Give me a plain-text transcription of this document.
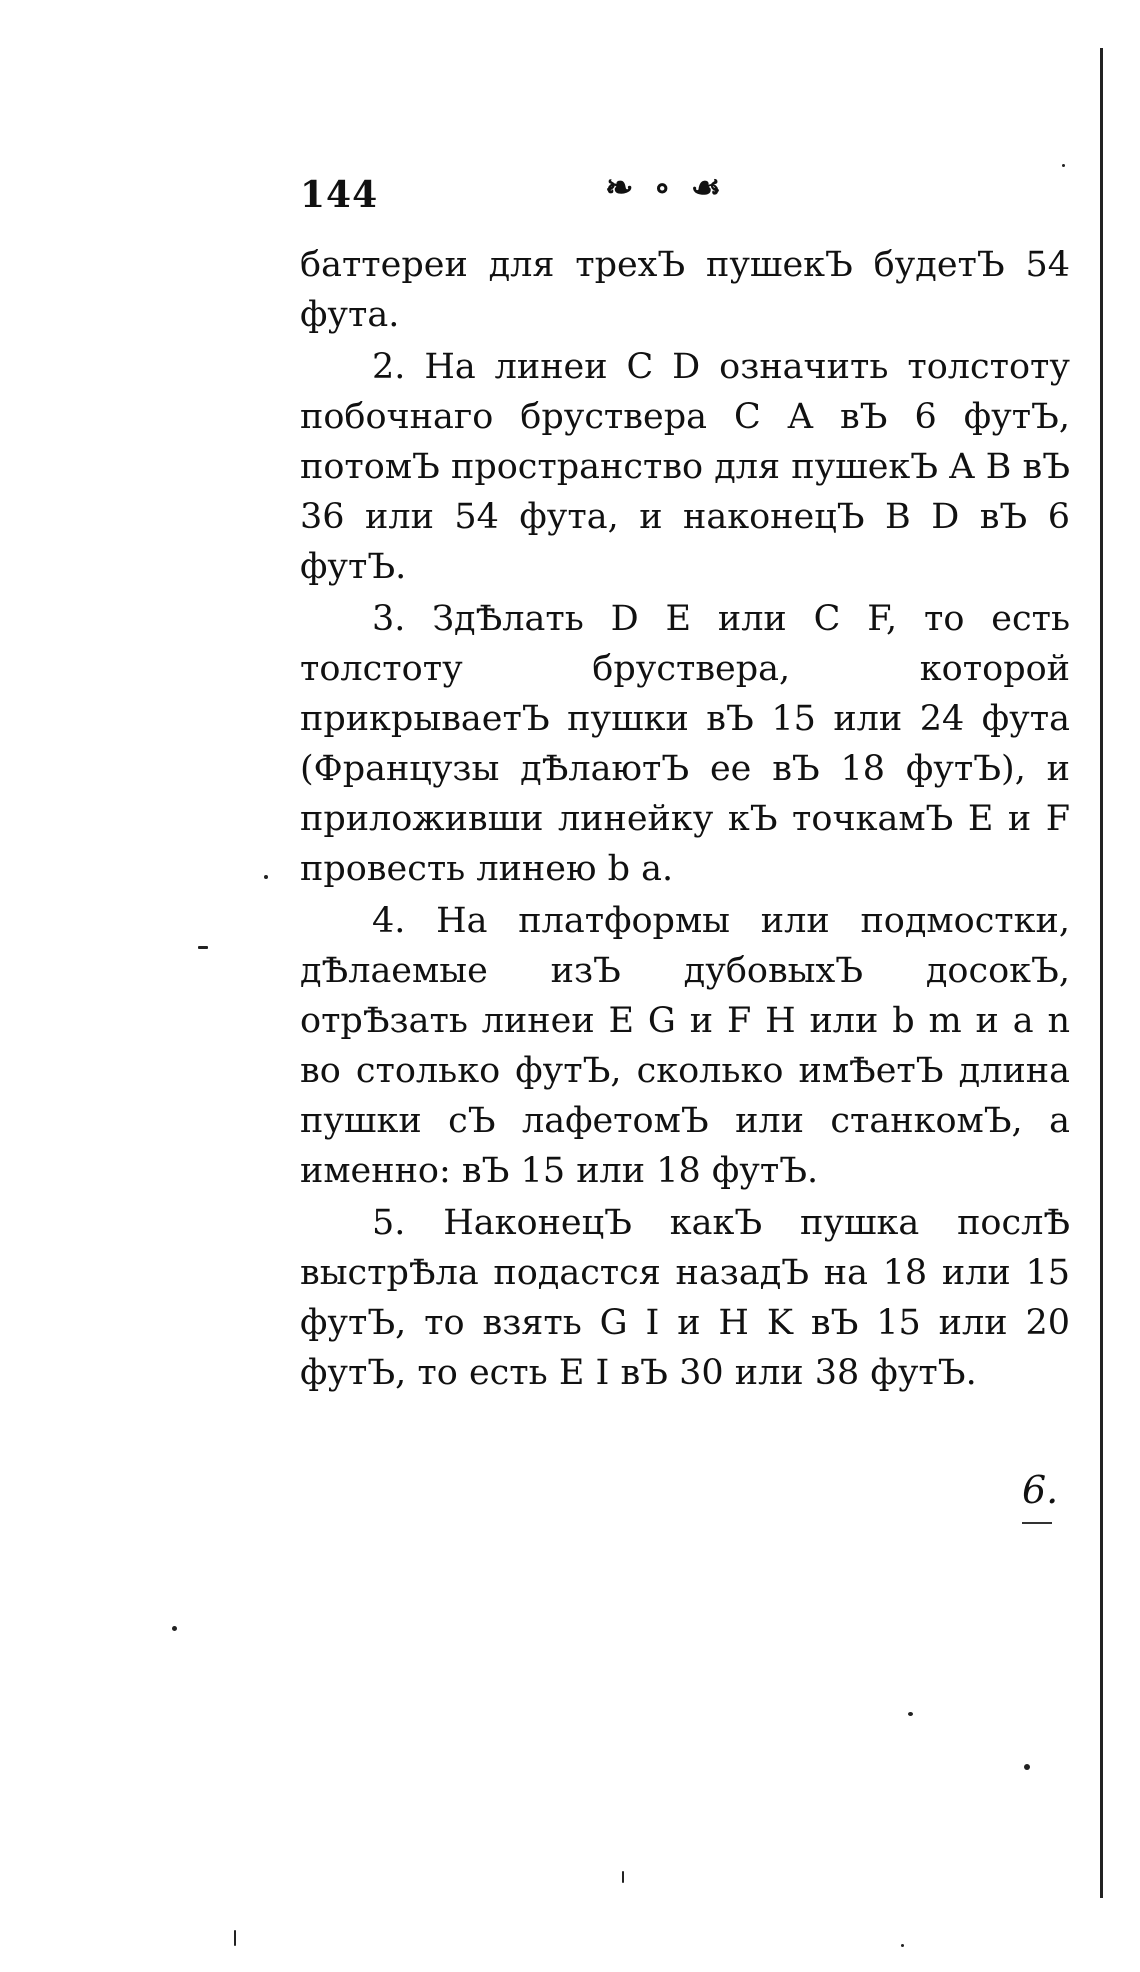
144	❧ ∘ ☙

баттереи для трехЪ пушекЪ будетЪ 54 фута.

2. На линеи C D означить толстоту побочнаго бруствера C A вЪ 6 футЪ, потомЪ пространство для пушекЪ A B вЪ 36 или 54 фута, и наконецЪ B D вЪ 6 футЪ.

3. ЗдѢлать D E или C F, то есть толстоту бруствера, которой прикрываетЪ пушки вЪ 15 или 24 фута (Французы дѢлаютЪ ее вЪ 18 футЪ), и приложивши линейку кЪ точкамЪ E и F провесть линею b a.

4. На платформы или подмостки, дѢлаемые изЪ дубовыхЪ досокЪ, отрѢзать линеи E G и F H или b m и a n во столько футЪ, сколько имѢетЪ длина пушки сЪ лафетомЪ или станкомЪ, а именно: вЪ 15 или 18 футЪ.

5. НаконецЪ какЪ пушка послѢ выстрѢла подастся назадЪ на 18 или 15 футЪ, то взять G I и H K вЪ 15 или 20 футЪ, то есть E I вЪ 30 или 38 футЪ.

6.
